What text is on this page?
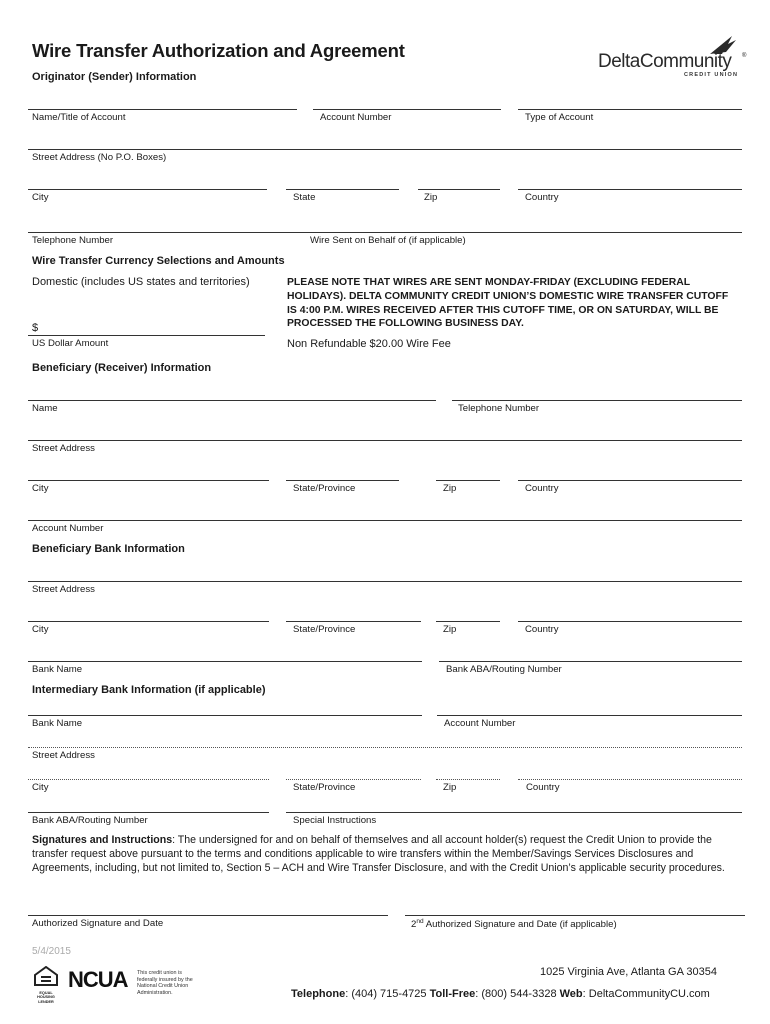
Wire Transfer Authorization and Agreement
Originator (Sender) Information
DeltaCommunity ®
CREDIT UNION
Name/Title of Account	Account Number	Type of Account
Street Address (No P.O. Boxes)
City	State	Zip	Country
Telephone Number	Wire Sent on Behalf of (if applicable)
Wire Transfer Currency Selections and Amounts
Domestic (includes US states and territories)
$
US Dollar Amount
PLEASE NOTE THAT WIRES ARE SENT MONDAY-FRIDAY (EXCLUDING FEDERAL HOLIDAYS). DELTA COMMUNITY CREDIT UNION’S DOMESTIC WIRE TRANSFER CUTOFF IS 4:00 P.M. WIRES RECEIVED AFTER THIS CUTOFF TIME, OR ON SATURDAY, WILL BE PROCESSED THE FOLLOWING BUSINESS DAY.
Non Refundable $20.00 Wire Fee
Beneficiary (Receiver) Information
Name	Telephone Number
Street Address
City	State/Province	Zip	Country
Account Number
Beneficiary Bank Information
Street Address
City	State/Province	Zip	Country
Bank Name	Bank ABA/Routing Number
Intermediary Bank Information (if applicable)
Bank Name	Account Number
Street Address
City	State/Province	Zip	Country
Bank ABA/Routing Number	Special Instructions
Signatures and Instructions: The undersigned for and on behalf of themselves and all account holder(s) request the Credit Union to provide the transfer request above pursuant to the terms and conditions applicable to wire transfers within the Member/Savings Services Disclosures and Agreements, including, but not limited to, Section 5 – ACH and Wire Transfer Disclosure, and with the Credit Union’s applicable security procedures.
Authorized Signature and Date	2nd Authorized Signature and Date (if applicable)
5/4/2015
EQUAL HOUSING LENDER
NCUA This credit union is federally insured by the National Credit Union Administration.
1025 Virginia Ave, Atlanta GA 30354
Telephone: (404) 715-4725 Toll-Free: (800) 544-3328 Web: DeltaCommunityCU.com
